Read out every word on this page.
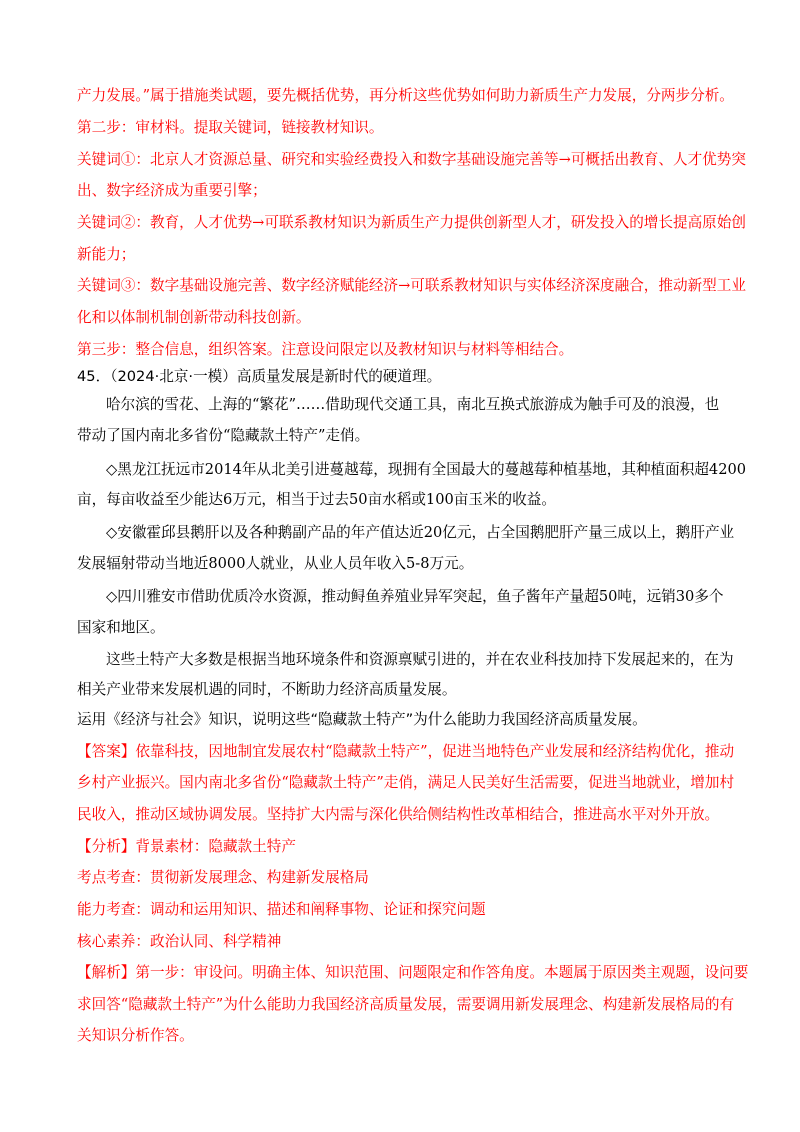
产力发展。”属于措施类试题，要先概括优势，再分析这些优势如何助力新质生产力发展，分两步分析。

第二步：审材料。提取关键词，链接教材知识。

关键词①：北京人才资源总量、研究和实验经费投入和数字基础设施完善等→可概括出教育、人才优势突

出、数字经济成为重要引擎；

关键词②：教育，人才优势→可联系教材知识为新质生产力提供创新型人才，研发投入的增长提高原始创

新能力；

关键词③：数字基础设施完善、数字经济赋能经济→可联系教材知识与实体经济深度融合，推动新型工业

化和以体制机制创新带动科技创新。

第三步：整合信息，组织答案。注意设问限定以及教材知识与材料等相结合。

45．（2024·北京·一模）高质量发展是新时代的硬道理。

哈尔滨的雪花、上海的“繁花”……借助现代交通工具，南北互换式旅游成为触手可及的浪漫，也

带动了国内南北多省份“隐藏款土特产”走俏。

◇黑龙江抚远市2014年从北美引进蔓越莓，现拥有全国最大的蔓越莓种植基地，其种植面积超4200

亩，每亩收益至少能达6万元，相当于过去50亩水稻或100亩玉米的收益。

◇安徽霍邱县鹅肝以及各种鹅副产品的年产值达近20亿元，占全国鹅肥肝产量三成以上，鹅肝产业

发展辐射带动当地近8000人就业，从业人员年收入5-8万元。

◇四川雅安市借助优质冷水资源，推动鲟鱼养殖业异军突起，鱼子酱年产量超50吨，远销30多个

国家和地区。

这些土特产大多数是根据当地环境条件和资源禀赋引进的，并在农业科技加持下发展起来的，在为

相关产业带来发展机遇的同时，不断助力经济高质量发展。

运用《经济与社会》知识，说明这些“隐藏款土特产”为什么能助力我国经济高质量发展。

【答案】依靠科技，因地制宜发展农村“隐藏款土特产”，促进当地特色产业发展和经济结构优化，推动

乡村产业振兴。国内南北多省份“隐藏款土特产”走俏，满足人民美好生活需要，促进当地就业，增加村

民收入，推动区域协调发展。坚持扩大内需与深化供给侧结构性改革相结合，推进高水平对外开放。

【分析】背景素材：隐藏款土特产

考点考查：贯彻新发展理念、构建新发展格局

能力考查：调动和运用知识、描述和阐释事物、论证和探究问题

核心素养：政治认同、科学精神

【解析】第一步：审设问。明确主体、知识范围、问题限定和作答角度。本题属于原因类主观题，设问要

求回答“隐藏款土特产”为什么能助力我国经济高质量发展，需要调用新发展理念、构建新发展格局的有

关知识分析作答。
